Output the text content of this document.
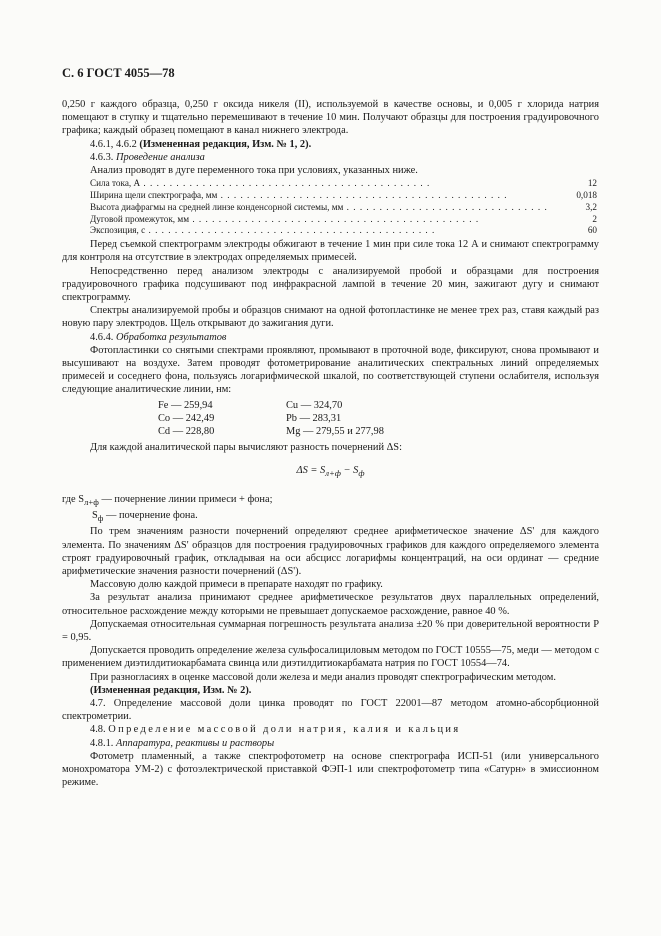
С. 6 ГОСТ 4055—78

0,250 г каждого образца, 0,250 г оксида никеля (II), используемой в качестве основы, и 0,005 г хлорида натрия помещают в ступку и тщательно перемешивают в течение 10 мин. Получают образцы для построения градуировочного графика; каждый образец помещают в канал нижнего электрода.

4.6.1, 4.6.2 (Измененная редакция, Изм. № 1, 2).

4.6.3. Проведение анализа

Анализ проводят в дуге переменного тока при условиях, указанных ниже.

Сила тока, А . .	12
Ширина щели спектрографа, мм . .	0,018
Высота диафрагмы на средней линзе конденсорной системы, мм . .	3,2
Дуговой промежуток, мм . .	2
Экспозиция, с . .	60

Перед съемкой спектрограмм электроды обжигают в течение 1 мин при силе тока 12 А и снимают спектрограмму для контроля на отсутствие в электродах определяемых примесей.

Непосредственно перед анализом электроды с анализируемой пробой и образцами для построения градуировочного графика подсушивают под инфракрасной лампой в течение 20 мин, зажигают дугу и снимают спектрограмму.

Спектры анализируемой пробы и образцов снимают на одной фотопластинке не менее трех раз, ставя каждый раз новую пару электродов. Щель открывают до зажигания дуги.

4.6.4. Обработка результатов

Фотопластинки со снятыми спектрами проявляют, промывают в проточной воде, фиксируют, снова промывают и высушивают на воздухе. Затем проводят фотометрирование аналитических спектральных линий определяемых примесей и соседнего фона, пользуясь логарифмической шкалой, по соответствующей ступени ослабителя, используя следующие аналитические линии, нм:

Fe — 259,94	Cu — 324,70
Co — 242,49	Pb — 283,31
Cd — 228,80	Mg — 279,55 и 277,98

Для каждой аналитической пары вычисляют разность почернений ΔS:

$\Delta S = S_{л+ф} - S_ф$

где $S_{л+ф}$ — почернение линии примеси + фона;

$S_ф$ — почернение фона.

По трем значениям разности почернений определяют среднее арифметическое значение ΔS' для каждого элемента. По значениям ΔS' образцов для построения градуировочных графиков для каждого определяемого элемента строят градуировочный график, откладывая на оси абсцисс логарифмы концентраций, на оси ординат — средние арифметические значения разности почернений (ΔS').

Массовую долю каждой примеси в препарате находят по графику.

За результат анализа принимают среднее арифметическое результатов двух параллельных определений, относительное расхождение между которыми не превышает допускаемое расхождение, равное 40 %.

Допускаемая относительная суммарная погрешность результата анализа ±20 % при доверительной вероятности P = 0,95.

Допускается проводить определение железа сульфосалициловым методом по ГОСТ 10555—75, меди — методом с применением диэтилдитиокарбамата свинца или диэтилдитиокарбамата натрия по ГОСТ 10554—74.

При разногласиях в оценке массовой доли железа и меди анализ проводят спектрографическим методом.

(Измененная редакция, Изм. № 2).

4.7. Определение массовой доли цинка проводят по ГОСТ 22001—87 методом атомно-абсорбционной спектрометрии.

4.8. Определение массовой доли натрия, калия и кальция

4.8.1. Аппаратура, реактивы и растворы

Фотометр пламенный, а также спектрофотометр на основе спектрографа ИСП-51 (или универсального монохроматора УМ-2) с фотоэлектрической приставкой ФЭП-1 или спектрофотометр типа «Сатурн» в эмиссионном режиме.
